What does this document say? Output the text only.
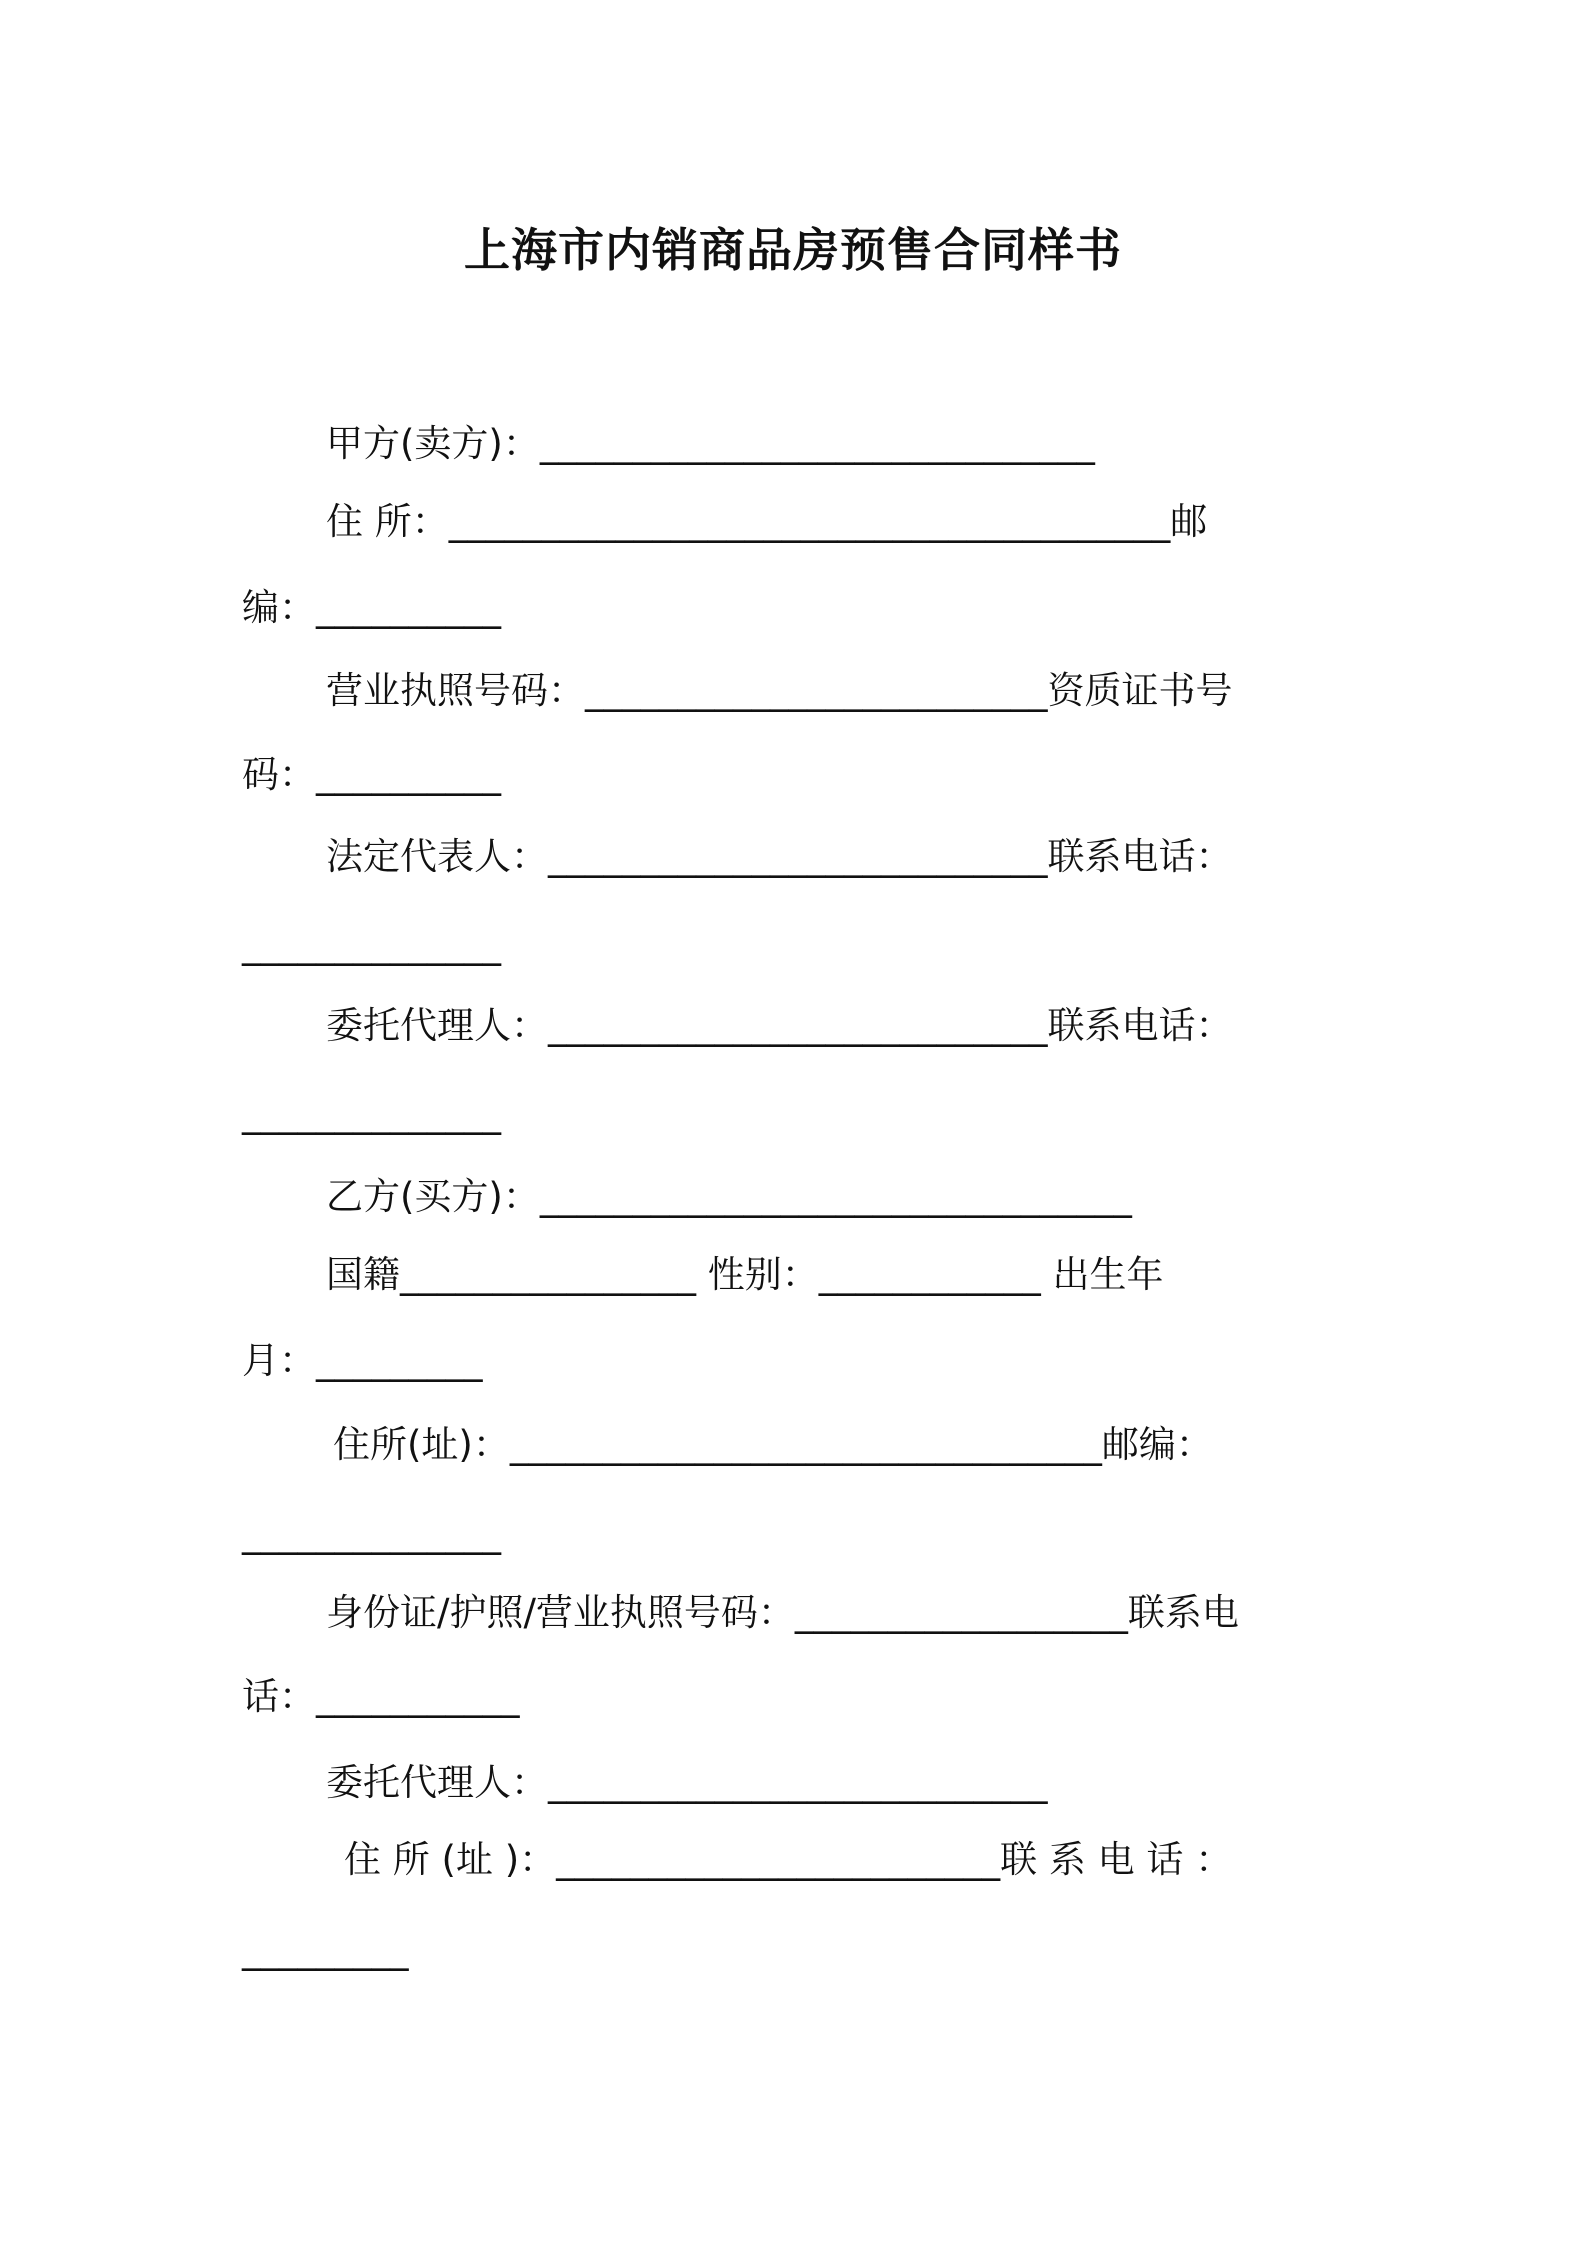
上海市内销商品房预售合同样书
甲方(卖方)：______________________________
住 所：_______________________________________邮
编：__________
营业执照号码：_________________________资质证书号
码：__________
法定代表人：___________________________联系电话：
______________
委托代理人：___________________________联系电话：
______________
乙方(买方)：________________________________
国籍________________ 性别：____________ 出生年
月：_________
住所(址)：________________________________邮编：
______________
身份证/护照/营业执照号码：__________________联系电
话：___________
委托代理人：___________________________
住 所 (址 )：________________________联 系 电 话 ：
_________
